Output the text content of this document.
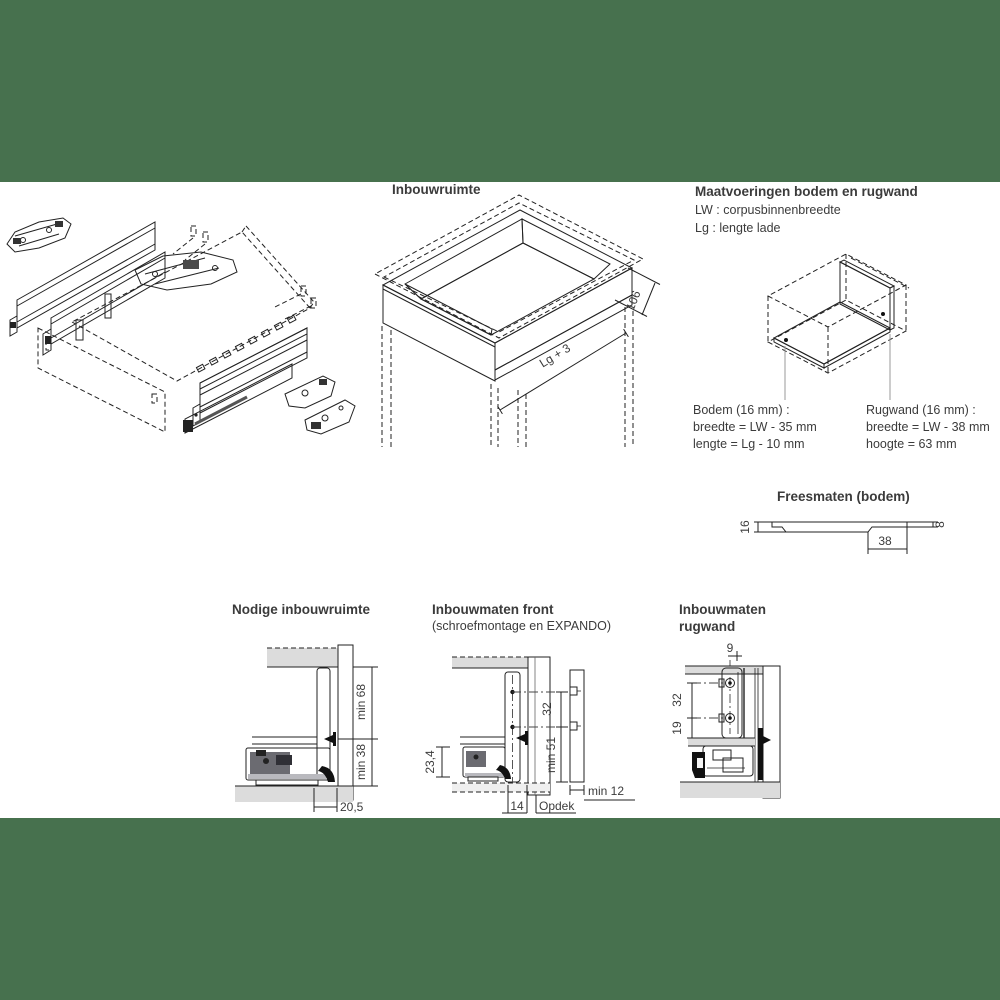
Inbouwruimte
Lg + 3
106
Maatvoeringen bodem en rugwand
LW : corpusbinnenbreedte
Lg : lengte lade
Bodem (16 mm) :
breedte = LW - 35 mm
lengte = Lg - 10 mm
Rugwand (16 mm) :
breedte = LW - 38 mm
hoogte = 63 mm
Freesmaten (bodem)
16
38
8
Nodige inbouwruimte
min 68
min 38
20,5
Inbouwmaten front
(schroefmontage en EXPANDO)
23,4
32
min 51
min 12
14 Opdek
Inbouwmaten rugwand
9
32
19
